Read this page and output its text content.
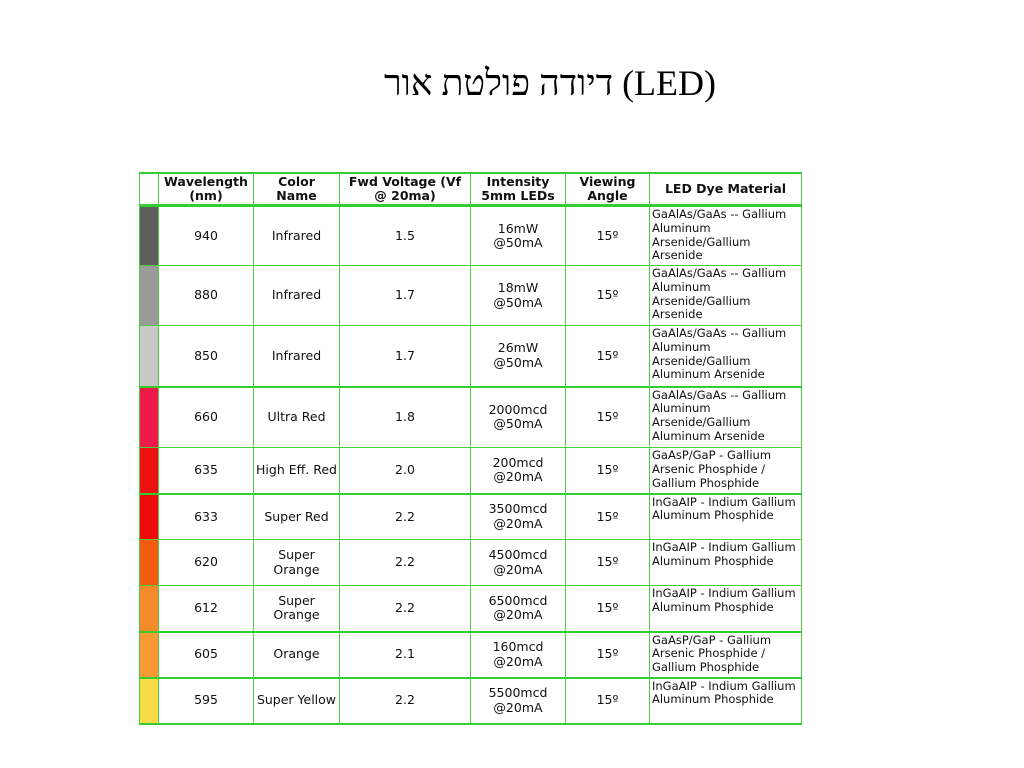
דיודה פולטת אור (LED)
	Wavelength (nm)	Color Name	Fwd Voltage (Vf @ 20ma)	Intensity 5mm LEDs	Viewing Angle	LED Dye Material
	940	Infrared	1.5	16mW @50mA	15º	GaAlAs/GaAs -- Gallium Aluminum Arsenide/Gallium Arsenide
	880	Infrared	1.7	18mW @50mA	15º	GaAlAs/GaAs -- Gallium Aluminum Arsenide/Gallium Arsenide
	850	Infrared	1.7	26mW @50mA	15º	GaAlAs/GaAs -- Gallium Aluminum Arsenide/Gallium Aluminum Arsenide
	660	Ultra Red	1.8	2000mcd @50mA	15º	GaAlAs/GaAs -- Gallium Aluminum Arsenide/Gallium Aluminum Arsenide
	635	High Eff. Red	2.0	200mcd @20mA	15º	GaAsP/GaP - Gallium Arsenic Phosphide / Gallium Phosphide
	633	Super Red	2.2	3500mcd @20mA	15º	InGaAIP - Indium Gallium Aluminum Phosphide
	620	Super Orange	2.2	4500mcd @20mA	15º	InGaAIP - Indium Gallium Aluminum Phosphide
	612	Super Orange	2.2	6500mcd @20mA	15º	InGaAIP - Indium Gallium Aluminum Phosphide
	605	Orange	2.1	160mcd @20mA	15º	GaAsP/GaP - Gallium Arsenic Phosphide / Gallium Phosphide
	595	Super Yellow	2.2	5500mcd @20mA	15º	InGaAIP - Indium Gallium Aluminum Phosphide
